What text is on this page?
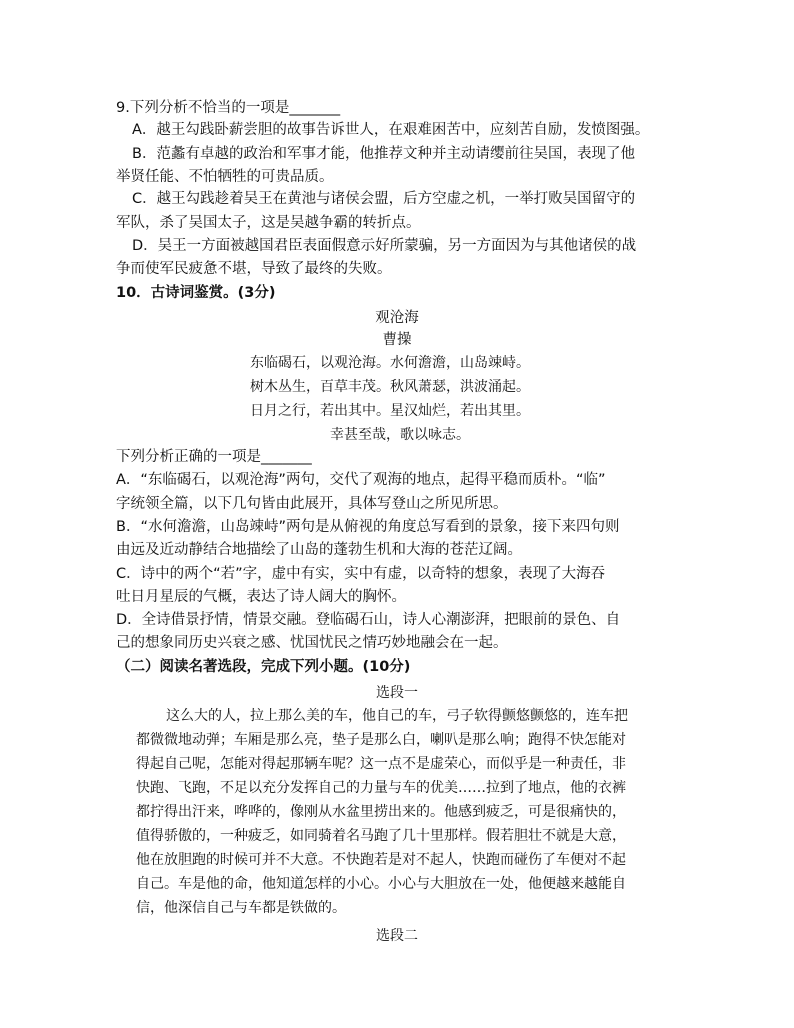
9.下列分析不恰当的一项是_______
A．越王勾践卧薪尝胆的故事告诉世人，在艰难困苦中，应刻苦自励，发愤图强。
B．范蠡有卓越的政治和军事才能，他推荐文种并主动请缨前往吴国，表现了他
举贤任能、不怕牺牲的可贵品质。
C．越王勾践趁着吴王在黄池与诸侯会盟，后方空虚之机，一举打败吴国留守的
军队，杀了吴国太子，这是吴越争霸的转折点。
D．吴王一方面被越国君臣表面假意示好所蒙骗，另一方面因为与其他诸侯的战
争而使军民疲惫不堪，导致了最终的失败。
10．古诗词鉴赏。(3分)
观沧海
曹操
东临碣石，以观沧海。水何澹澹，山岛竦峙。
树木丛生，百草丰茂。秋风萧瑟，洪波涌起。
日月之行，若出其中。星汉灿烂，若出其里。
幸甚至哉，歌以咏志。
下列分析正确的一项是_______
A．“东临碣石，以观沧海”两句，交代了观海的地点，起得平稳而质朴。“临”
字统领全篇，以下几句皆由此展开，具体写登山之所见所思。
B．“水何澹澹，山岛竦峙”两句是从俯视的角度总写看到的景象，接下来四句则
由远及近动静结合地描绘了山岛的蓬勃生机和大海的苍茫辽阔。
C．诗中的两个“若”字，虚中有实，实中有虚，以奇特的想象，表现了大海吞
吐日月星辰的气概，表达了诗人阔大的胸怀。
D．全诗借景抒情，情景交融。登临碣石山，诗人心潮澎湃，把眼前的景色、自
己的想象同历史兴衰之感、忧国忧民之情巧妙地融会在一起。
（二）阅读名著选段，完成下列小题。(10分)
选段一
这么大的人，拉上那么美的车，他自己的车，弓子软得颤悠颤悠的，连车把
都微微地动弹；车厢是那么亮，垫子是那么白，喇叭是那么响；跑得不快怎能对
得起自己呢，怎能对得起那辆车呢？这一点不是虚荣心，而似乎是一种责任，非
快跑、飞跑，不足以充分发挥自己的力量与车的优美……拉到了地点，他的衣裤
都拧得出汗来，哗哗的，像刚从水盆里捞出来的。他感到疲乏，可是很痛快的，
值得骄傲的，一种疲乏，如同骑着名马跑了几十里那样。假若胆壮不就是大意，
他在放胆跑的时候可并不大意。不快跑若是对不起人，快跑而碰伤了车便对不起
自己。车是他的命，他知道怎样的小心。小心与大胆放在一处，他便越来越能自
信，他深信自己与车都是铁做的。
选段二
